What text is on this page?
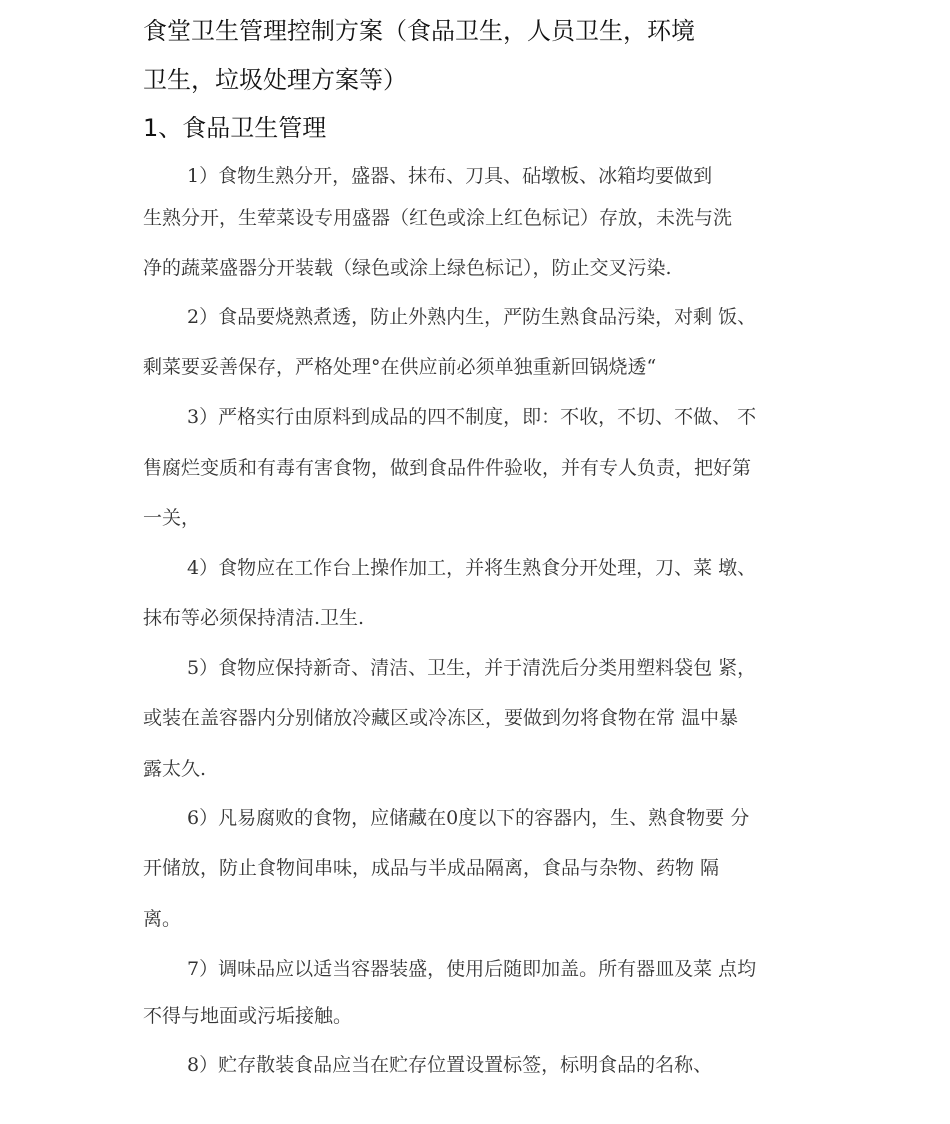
食堂卫生管理控制方案（食品卫生，人员卫生，环境
卫生，垃圾处理方案等）
1、食品卫生管理
1）食物生熟分开，盛器、抹布、刀具、砧墩板、冰箱均要做到
生熟分开，生荤菜设专用盛器（红色或涂上红色标记）存放，未洗与洗
净的蔬菜盛器分开装载（绿色或涂上绿色标记），防止交叉污染.
2）食品要烧熟煮透，防止外熟内生，严防生熟食品污染，对剩 饭、
剩菜要妥善保存，严格处理°在供应前必须单独重新回锅烧透“
3）严格实行由原料到成品的四不制度，即：不收，不切、不做、 不
售腐烂变质和有毒有害食物，做到食品件件验收，并有专人负责，把好第
一关，
4）食物应在工作台上操作加工，并将生熟食分开处理，刀、菜 墩、
抹布等必须保持清洁.卫生.
5）食物应保持新奇、清洁、卫生，并于清洗后分类用塑料袋包 紧，
或装在盖容器内分别储放冷藏区或冷冻区，要做到勿将食物在常 温中暴
露太久.
6）凡易腐败的食物，应储藏在0度以下的容器内，生、熟食物要 分
开储放，防止食物间串味，成品与半成品隔离，食品与杂物、药物 隔
离。
7）调味品应以适当容器装盛，使用后随即加盖。所有器皿及菜 点均
不得与地面或污垢接触。
8）贮存散装食品应当在贮存位置设置标签，标明食品的名称、
